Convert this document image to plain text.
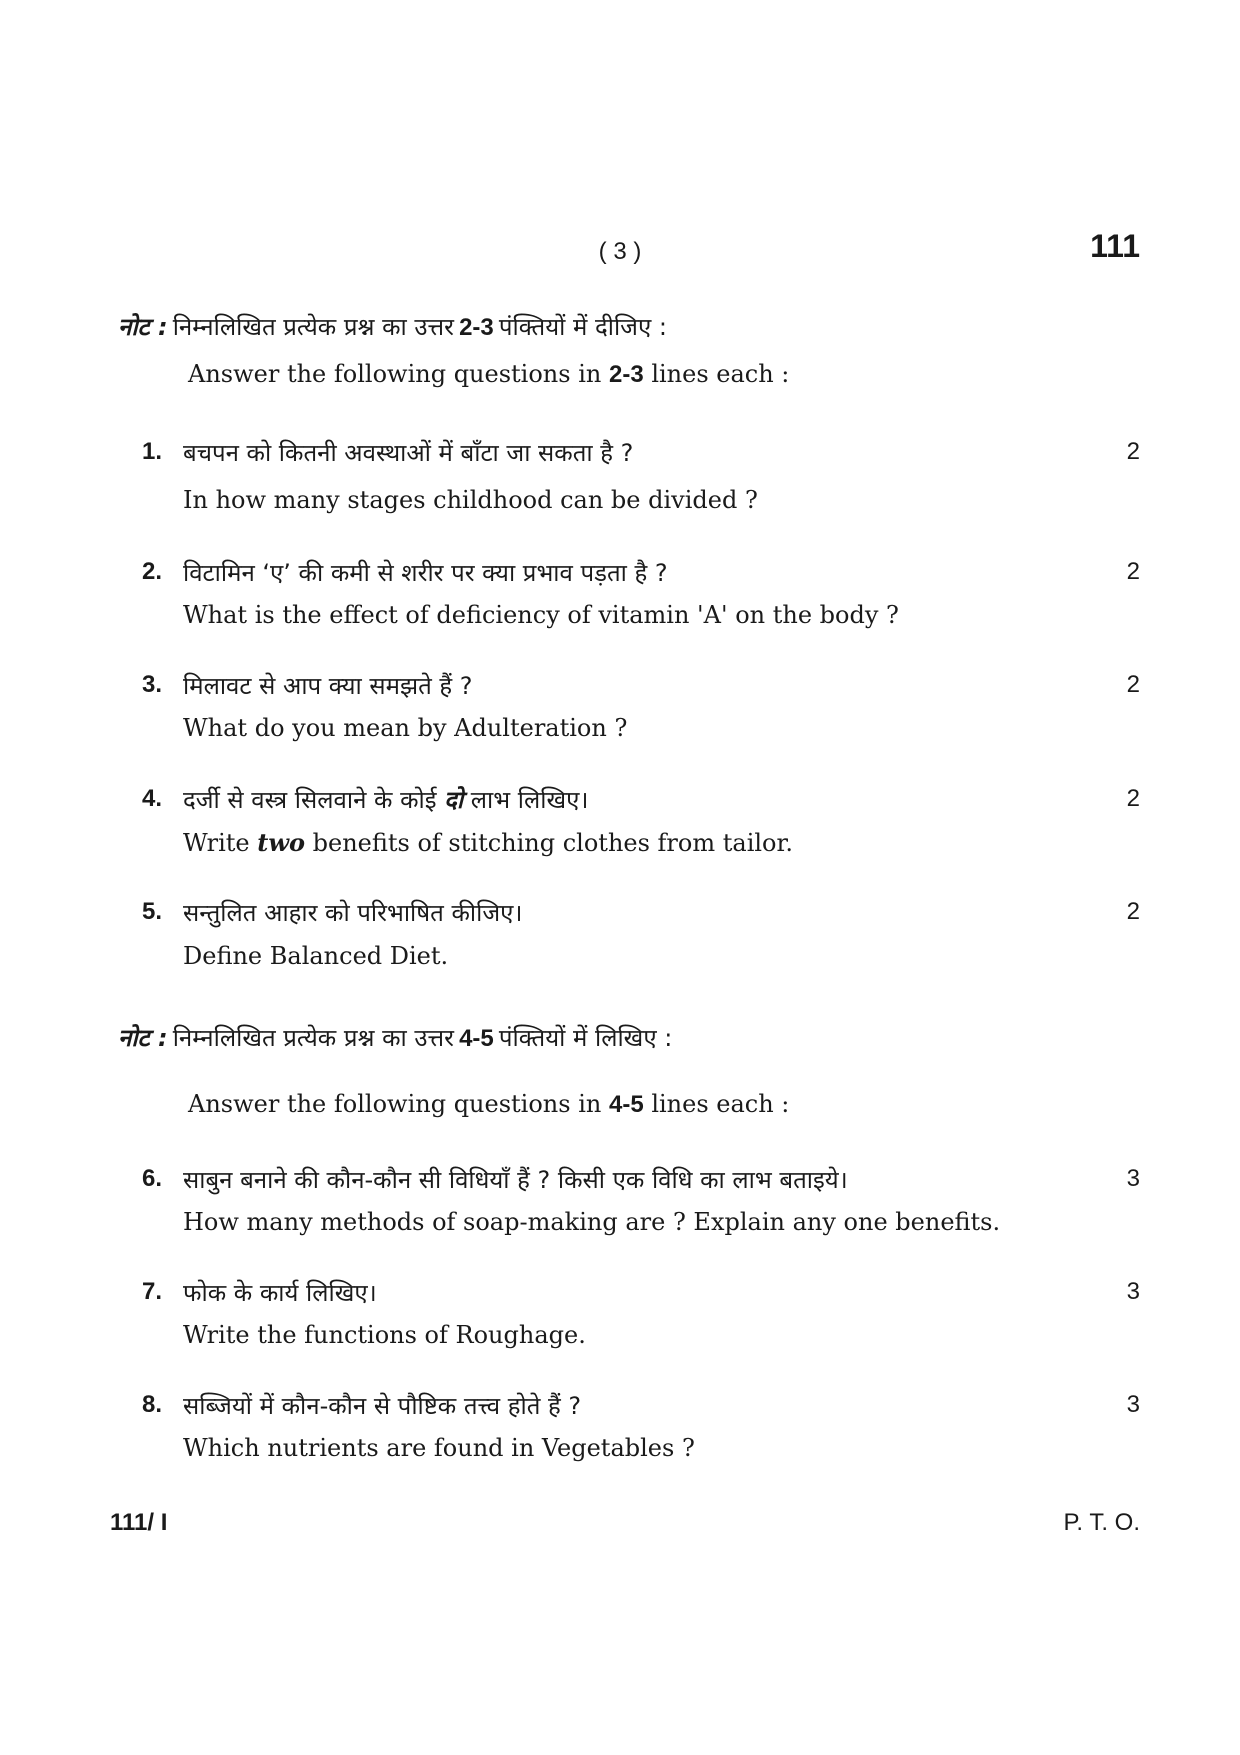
( 3 )	111
नोट : निम्नलिखित प्रत्येक प्रश्न का उत्तर 2-3 पंक्तियों में दीजिए :
Answer the following questions in 2-3 lines each :
1. बचपन को कितनी अवस्थाओं में बाँटा जा सकता है ?	2
In how many stages childhood can be divided ?
2. विटामिन ‘ए’ की कमी से शरीर पर क्या प्रभाव पड़ता है ?	2
What is the effect of deficiency of vitamin 'A' on the body ?
3. मिलावट से आप क्या समझते हैं ?	2
What do you mean by Adulteration ?
4. दर्जी से वस्त्र सिलवाने के कोई दो लाभ लिखिए।	2
Write two benefits of stitching clothes from tailor.
5. सन्तुलित आहार को परिभाषित कीजिए।	2
Define Balanced Diet.
नोट : निम्नलिखित प्रत्येक प्रश्न का उत्तर 4-5 पंक्तियों में लिखिए :
Answer the following questions in 4-5 lines each :
6. साबुन बनाने की कौन-कौन सी विधियाँ हैं ? किसी एक विधि का लाभ बताइये।	3
How many methods of soap-making are ? Explain any one benefits.
7. फोक के कार्य लिखिए।	3
Write the functions of Roughage.
8. सब्जियों में कौन-कौन से पौष्टिक तत्त्व होते हैं ?	3
Which nutrients are found in Vegetables ?
111/ I	P. T. O.
